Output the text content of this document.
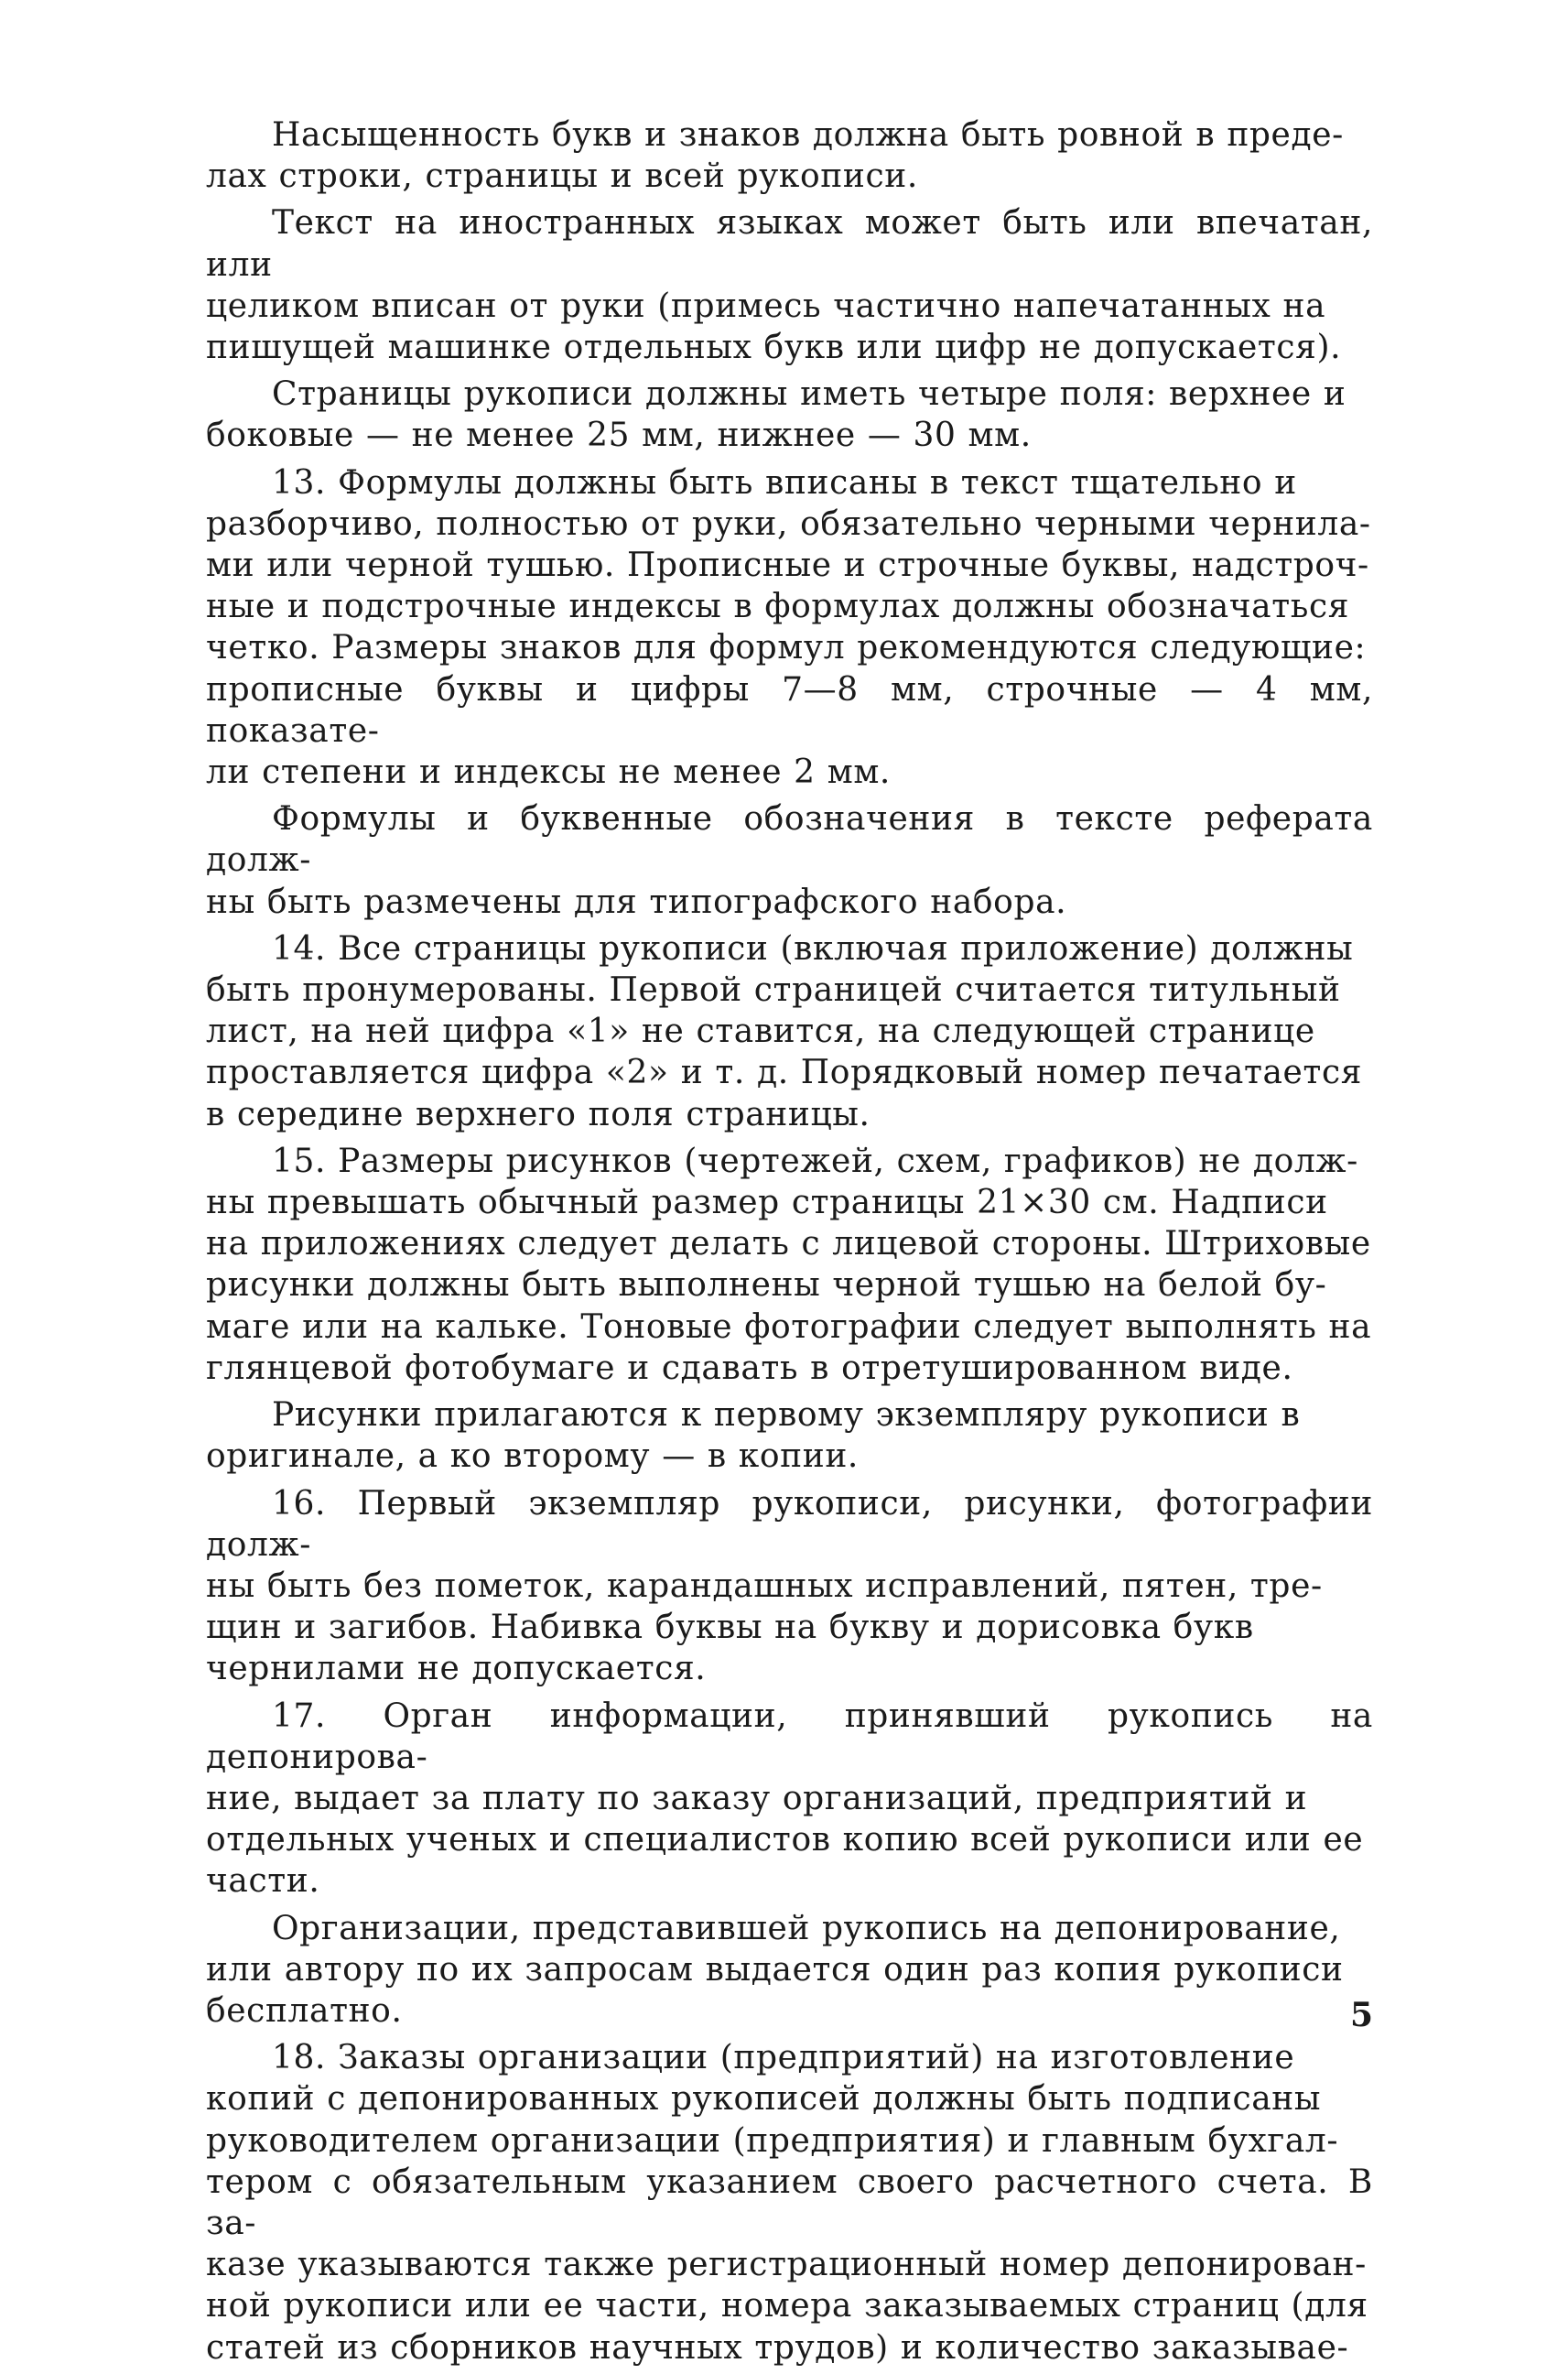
Насыщенность букв и знаков должна быть ровной в преде-
лах строки, страницы и всей рукописи.

Текст на иностранных языках может быть или впечатан, или
целиком вписан от руки (примесь частично напечатанных на
пишущей машинке отдельных букв или цифр не допускается).

Страницы рукописи должны иметь четыре поля: верхнее и
боковые — не менее 25 мм, нижнее — 30 мм.

13. Формулы должны быть вписаны в текст тщательно и
разборчиво, полностью от руки, обязательно черными чернила-
ми или черной тушью. Прописные и строчные буквы, надстроч-
ные и подстрочные индексы в формулах должны обозначаться
четко. Размеры знаков для формул рекомендуются следующие:
прописные буквы и цифры 7—8 мм, строчные — 4 мм, показате-
ли степени и индексы не менее 2 мм.

Формулы и буквенные обозначения в тексте реферата долж-
ны быть размечены для типографского набора.

14. Все страницы рукописи (включая приложение) должны
быть пронумерованы. Первой страницей считается титульный
лист, на ней цифра «1» не ставится, на следующей странице
проставляется цифра «2» и т. д. Порядковый номер печатается
в середине верхнего поля страницы.

15. Размеры рисунков (чертежей, схем, графиков) не долж-
ны превышать обычный размер страницы 21×30 см. Надписи
на приложениях следует делать с лицевой стороны. Штриховые
рисунки должны быть выполнены черной тушью на белой бу-
маге или на кальке. Тоновые фотографии следует выполнять на
глянцевой фотобумаге и сдавать в отретушированном виде.

Рисунки прилагаются к первому экземпляру рукописи в
оригинале, а ко второму — в копии.

16. Первый экземпляр рукописи, рисунки, фотографии долж-
ны быть без пометок, карандашных исправлений, пятен, тре-
щин и загибов. Набивка буквы на букву и дорисовка букв
чернилами не допускается.

17. Орган информации, принявший рукопись на депонирова-
ние, выдает за плату по заказу организаций, предприятий и
отдельных ученых и специалистов копию всей рукописи или ее
части.

Организации, представившей рукопись на депонирование,
или автору по их запросам выдается один раз копия рукописи
бесплатно.

18. Заказы организации (предприятий) на изготовление
копий с депонированных рукописей должны быть подписаны
руководителем организации (предприятия) и главным бухгал-
тером с обязательным указанием своего расчетного счета. В за-
казе указываются также регистрационный номер депонирован-
ной рукописи или ее части, номера заказываемых страниц (для
статей из сборников научных трудов) и количество заказывае-

5
